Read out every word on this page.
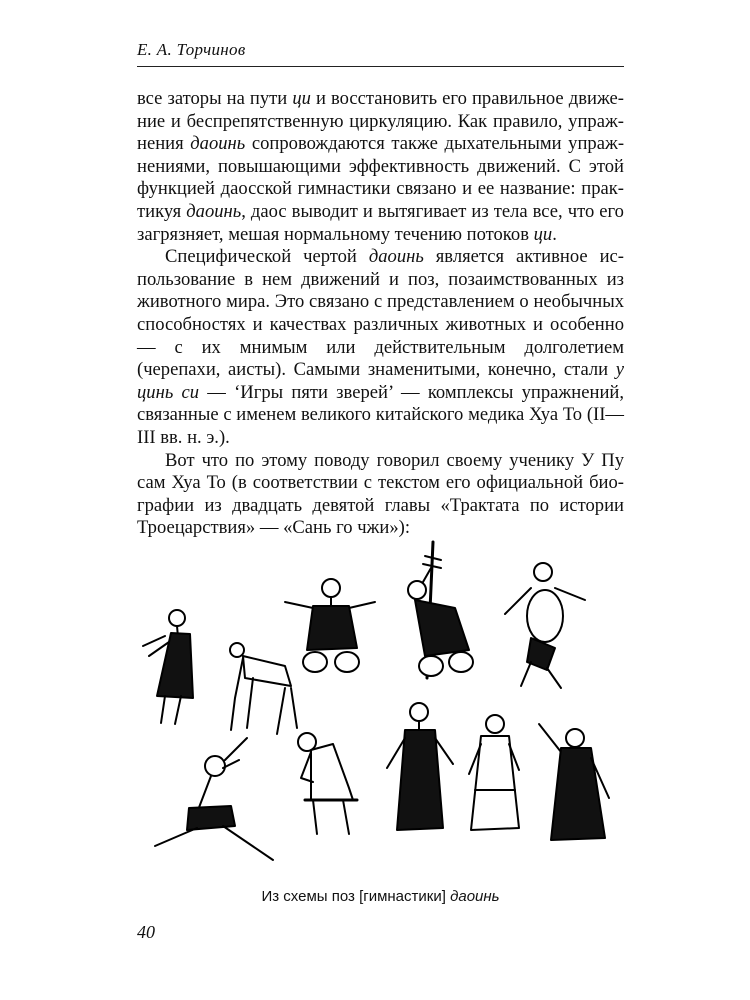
Е. А. Торчинов

все заторы на пути ци и восстановить его правильное движение и беспрепятственную циркуляцию. Как правило, упражнения даоинь сопровождаются также дыхательными упражнениями, повышающими эффективность движений. С этой функцией даосской гимнастики связано и ее название: практикуя даоинь, даос выводит и вытягивает из тела все, что его загрязняет, мешая нормальному течению потоков ци.

Специфической чертой даоинь является активное использование в нем движений и поз, позаимствованных из животного мира. Это связано с представлением о необычных способностях и качествах различных животных и особенно — с их мнимым или действительным долголетием (черепахи, аисты). Самыми знаменитыми, конечно, стали у цинь си — ‘Игры пяти зверей’ — комплексы упражнений, связанные с именем великого китайского медика Хуа То (II—III вв. н. э.).

Вот что по этому поводу говорил своему ученику У Пу сам Хуа То (в соответствии с текстом его официальной биографии из двадцать девятой главы «Трактата по истории Троецарствия» — «Сань го чжи»):

Из схемы поз [гимнастики] даоинь
40
